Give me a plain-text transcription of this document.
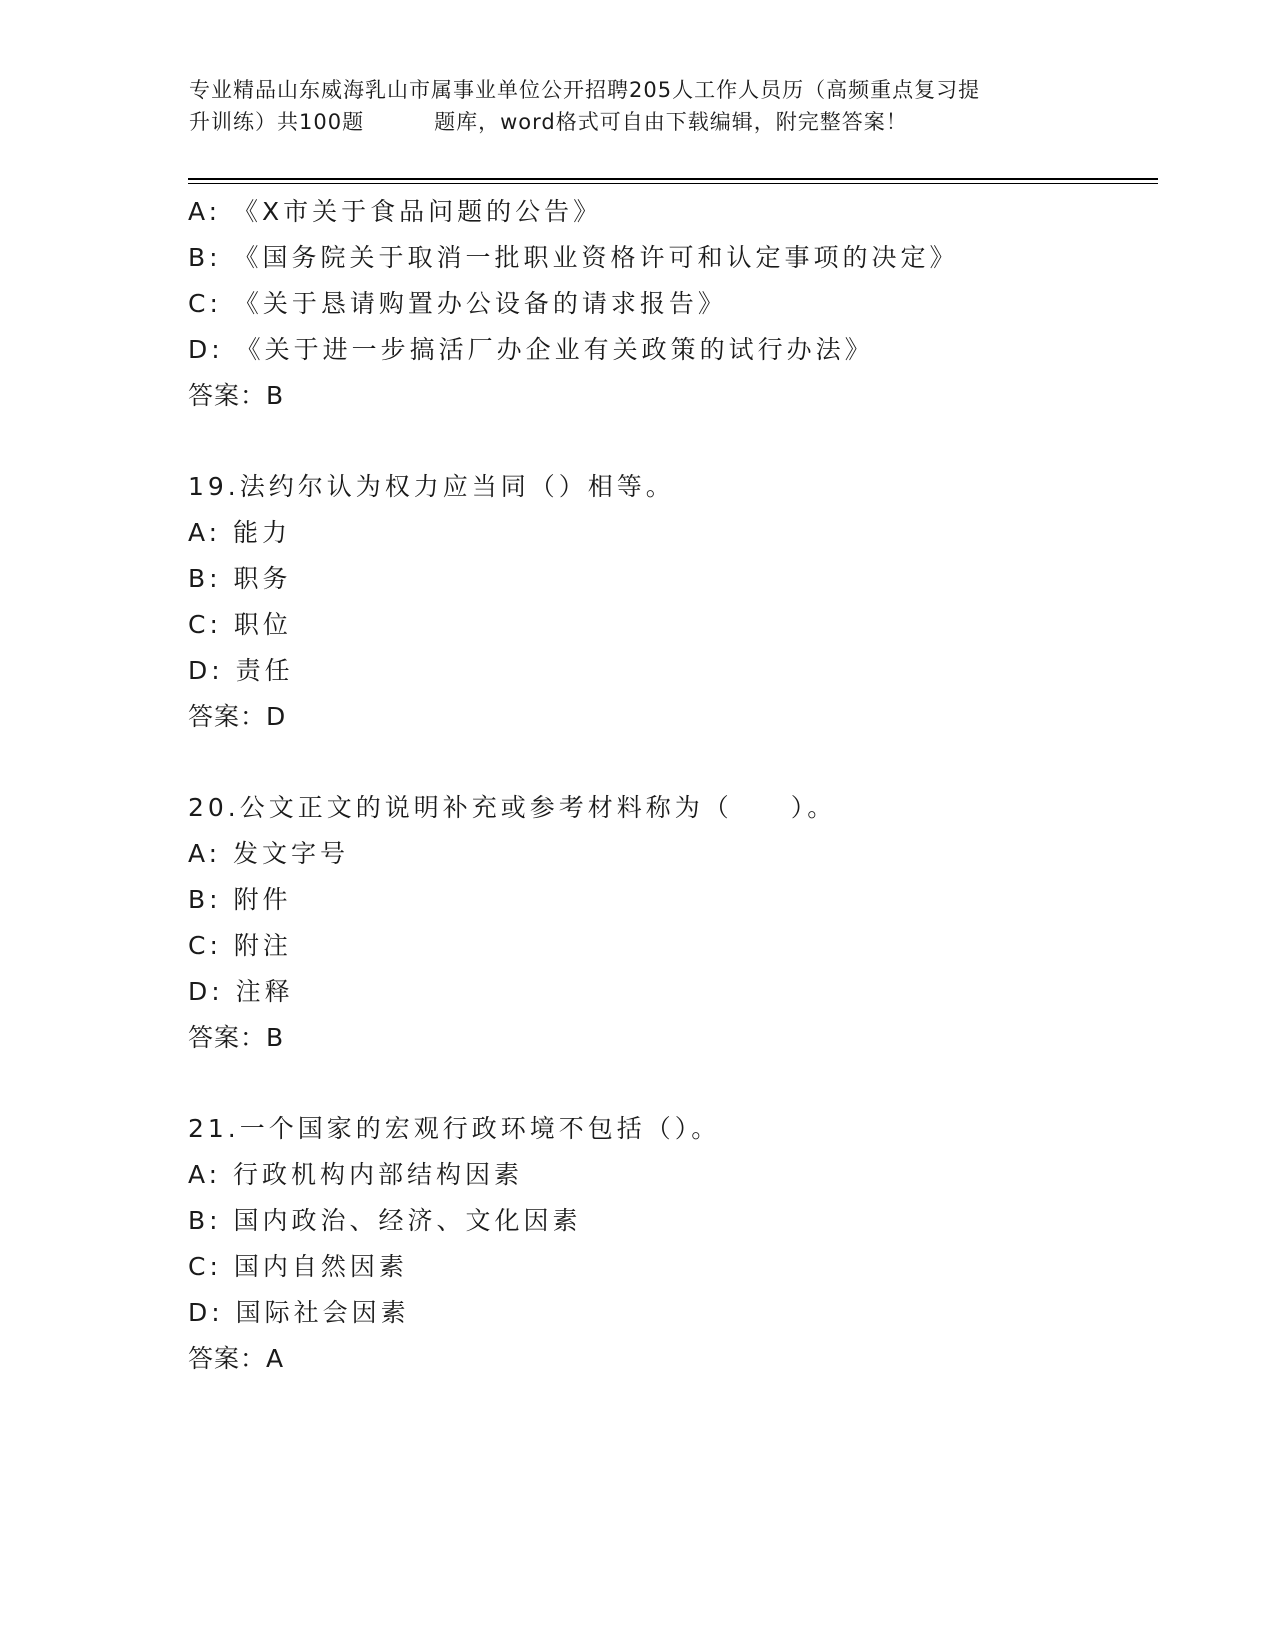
专业精品山东威海乳山市属事业单位公开招聘205人工作人员历（高频重点复习提
升训练）共100题	题库，word格式可自由下载编辑，附完整答案！
A: 《X市关于食品问题的公告》
B: 《国务院关于取消一批职业资格许可和认定事项的决定》
C: 《关于恳请购置办公设备的请求报告》
D: 《关于进一步搞活厂办企业有关政策的试行办法》
答案：B
19.法约尔认为权力应当同（）相等。
A: 能力
B: 职务
C: 职位
D: 责任
答案：D
20.公文正文的说明补充或参考材料称为（　　）。
A: 发文字号
B: 附件
C: 附注
D: 注释
答案：B
21.一个国家的宏观行政环境不包括（）。
A: 行政机构内部结构因素
B: 国内政治、经济、文化因素
C: 国内自然因素
D: 国际社会因素
答案：A
